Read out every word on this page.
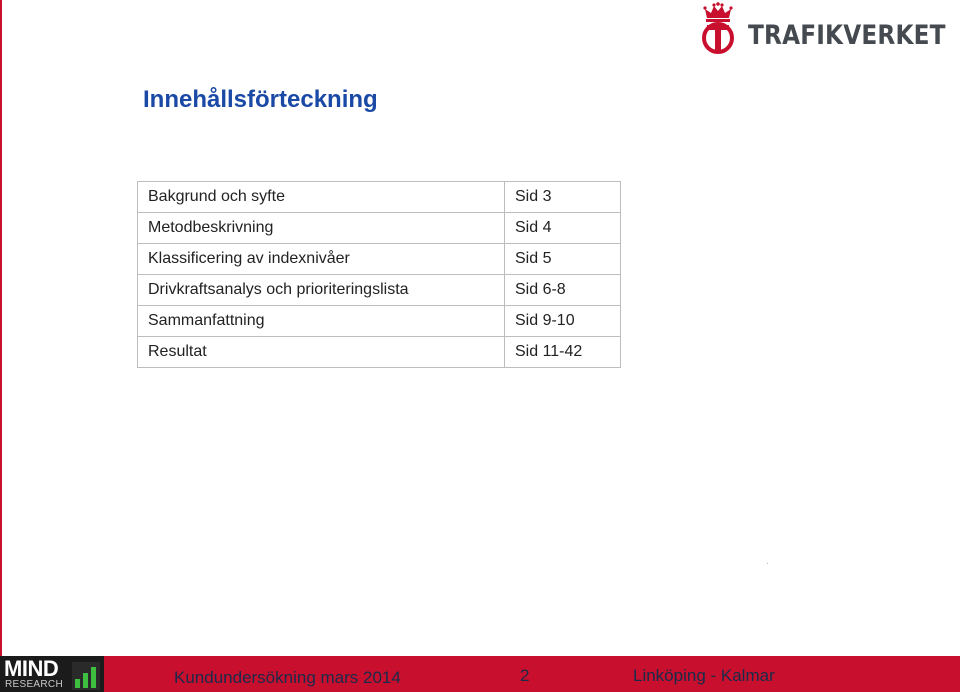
TRAFIKVERKET
Innehållsförteckning
Bakgrund och syfte	Sid 3
Metodbeskrivning	Sid 4
Klassificering av indexnivåer	Sid 5
Drivkraftsanalys och prioriteringslista	Sid 6-8
Sammanfattning	Sid 9-10
Resultat	Sid 11-42
MIND
RESEARCH	Kundundersökning mars 2014	2	Linköping - Kalmar
